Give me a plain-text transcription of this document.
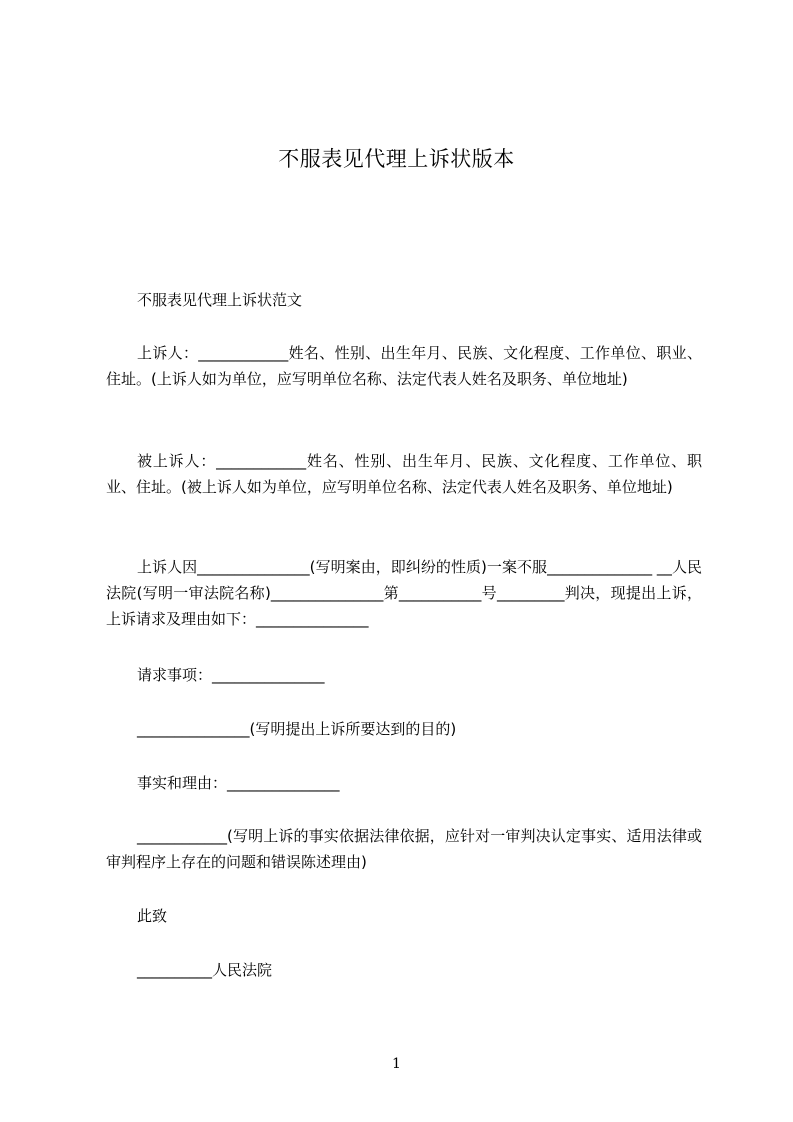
不服表见代理上诉状版本

不服表见代理上诉状范文

上诉人：____________姓名、性别、出生年月、民族、文化程度、工作单位、职业、住址。(上诉人如为单位，应写明单位名称、法定代表人姓名及职务、单位地址)

被上诉人：____________姓名、性别、出生年月、民族、文化程度、工作单位、职业、住址。(被上诉人如为单位，应写明单位名称、法定代表人姓名及职务、单位地址)

上诉人因_______________(写明案由，即纠纷的性质)一案不服______________ __人民法院(写明一审法院名称)_______________第___________号_________判决，现提出上诉，上诉请求及理由如下：_______________

请求事项：_______________

_______________(写明提出上诉所要达到的目的)

事实和理由：_______________

____________(写明上诉的事实依据法律依据，应针对一审判决认定事实、适用法律或审判程序上存在的问题和错误陈述理由)

此致

__________人民法院

1
